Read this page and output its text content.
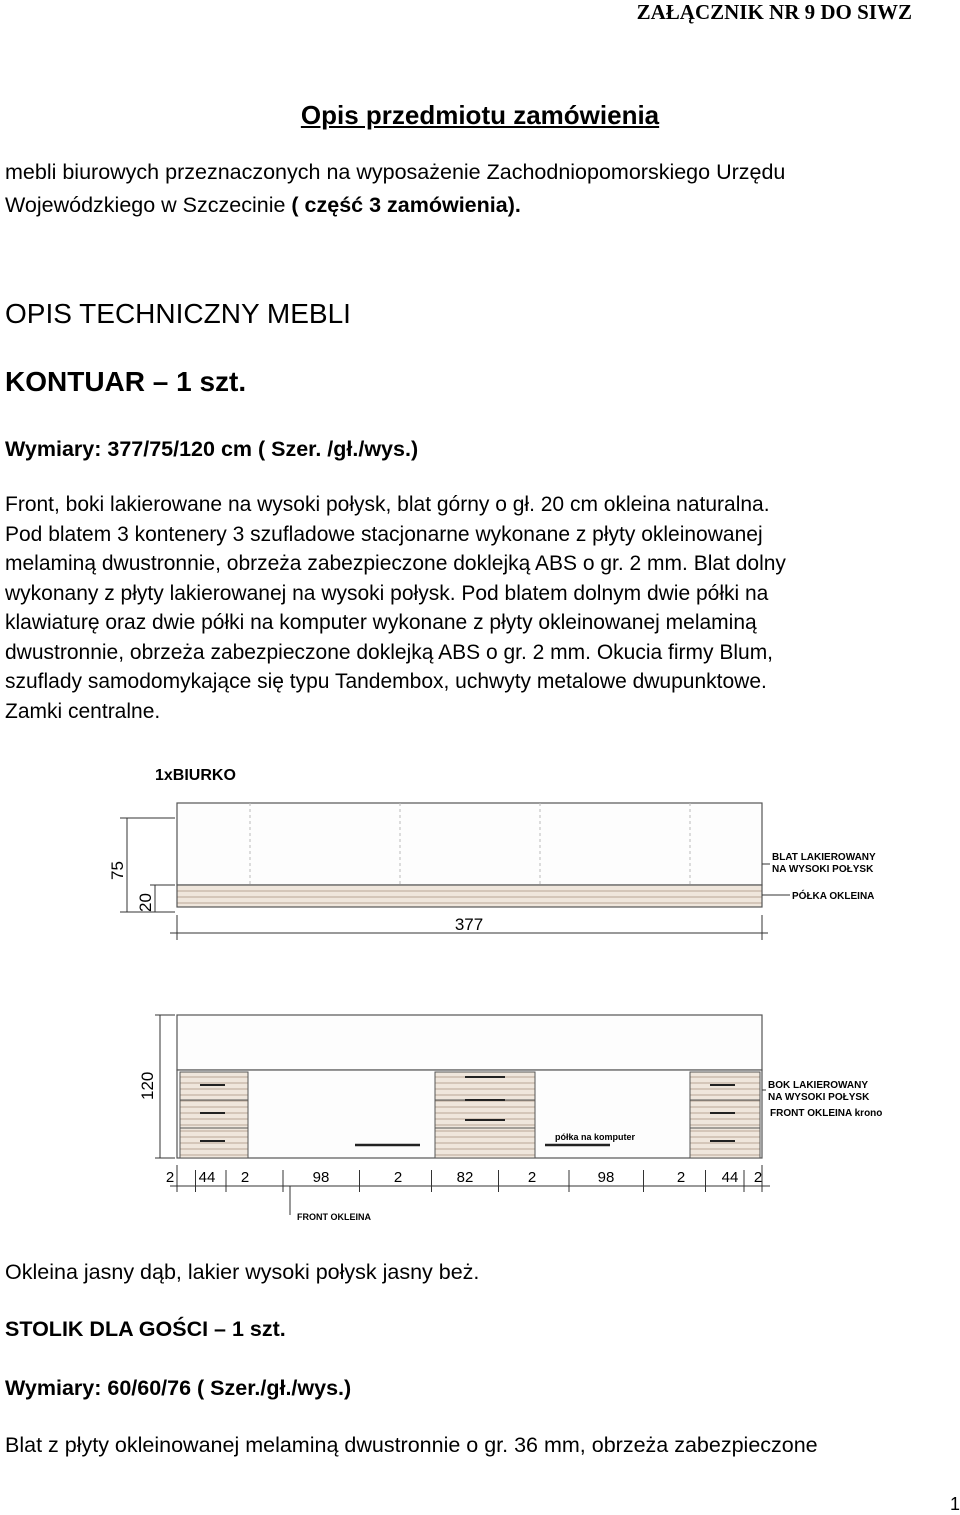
ZAŁĄCZNIK NR 9 DO SIWZ
Opis przedmiotu zamówienia
mebli biurowych przeznaczonych na wyposażenie Zachodniopomorskiego Urzędu
Wojewódzkiego w Szczecinie ( część 3 zamówienia).
OPIS TECHNICZNY MEBLI
KONTUAR – 1 szt.
Wymiary: 377/75/120 cm ( Szer. /gł./wys.)
Front, boki lakierowane na wysoki połysk, blat górny o gł. 20 cm okleina naturalna.
Pod blatem 3 kontenery 3 szufladowe stacjonarne wykonane z płyty okleinowanej
melaminą dwustronnie, obrzeża zabezpieczone doklejką ABS o gr. 2 mm. Blat dolny
wykonany z płyty lakierowanej na wysoki połysk. Pod blatem dolnym dwie półki na
klawiaturę oraz dwie półki na komputer wykonane z płyty okleinowanej melaminą
dwustronnie, obrzeża zabezpieczone doklejką ABS o gr. 2 mm. Okucia firmy Blum,
szuflady samodomykające się typu Tandembox, uchwyty metalowe dwupunktowe.
Zamki centralne.
1xBIURKO
75
20
377
BLAT LAKIEROWANY
NA WYSOKI POŁYSK
PÓŁKA OKLEINA
półka na komputer
120	BOK LAKIEROWANY
NA WYSOKI POŁYSK
FRONT OKLEINA krono
FRONT OKLEINA
2 44 2	98	2	82	2	98	2 44 2
Okleina jasny dąb, lakier wysoki połysk jasny beż.
STOLIK DLA GOŚCI – 1 szt.
Wymiary: 60/60/76 ( Szer./gł./wys.)
Blat z płyty okleinowanej melaminą dwustronnie o gr. 36 mm, obrzeża zabezpieczone
1
